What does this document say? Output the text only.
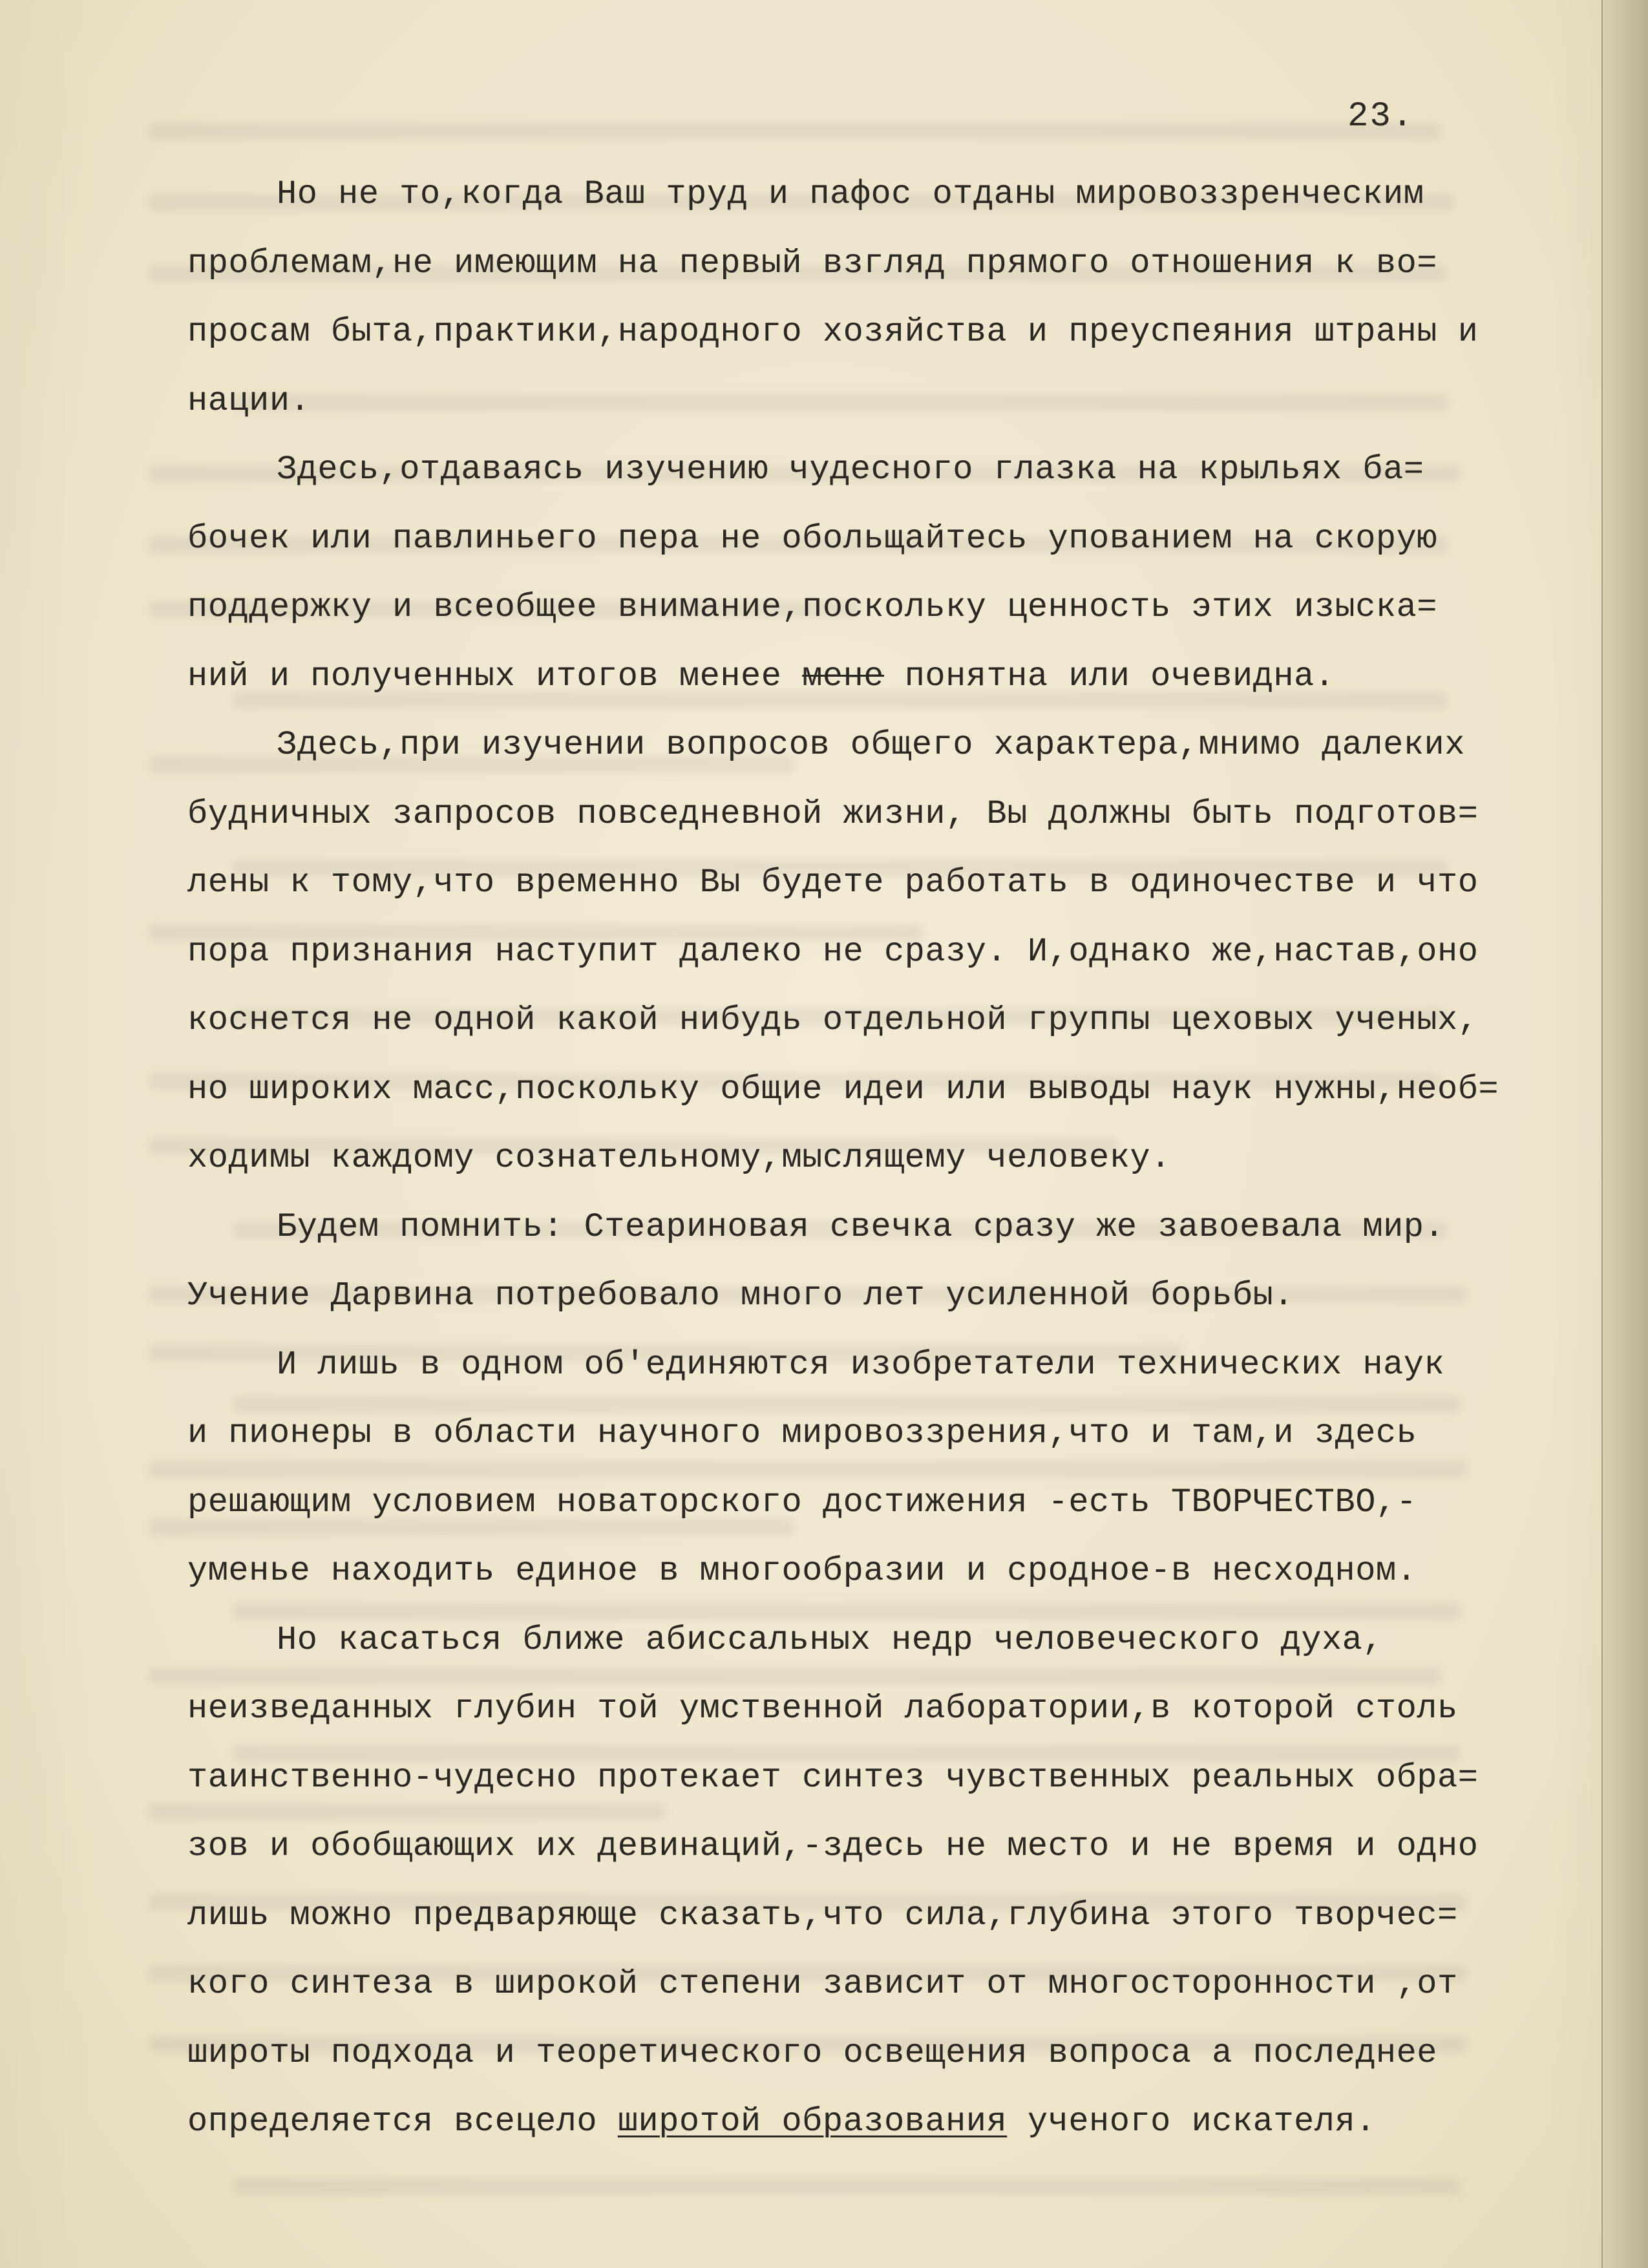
23.
Но не то,когда Ваш труд и пафос отданы мировоззренческим
проблемам,не имеющим на первый взгляд прямого отношения к во=
просам быта,практики,народного хозяйства и преуспеяния штраны и
нации.
Здесь,отдаваясь изучению чудесного глазка на крыльях ба=
бочек или павлиньего пера не обольщайтесь упованием на скорую
поддержку и всеобщее внимание,поскольку ценность этих изыска=
ний и полученных итогов менее мене понятна или очевидна.
Здесь,при изучении вопросов общего характера,мнимо далеких
будничных запросов повседневной жизни, Вы должны быть подготов=
лены к тому,что временно Вы будете работать в одиночестве и что
пора признания наступит далеко не сразу. И,однако же,настав,оно
коснется не одной какой нибудь отдельной группы цеховых ученых,
но широких масс,поскольку общие идеи или выводы наук нужны,необ=
ходимы каждому сознательному,мыслящему человеку.
Будем помнить: Стеариновая свечка сразу же завоевала мир.
Учение Дарвина потребовало много лет усиленной борьбы.
И лишь в одном об'единяются изобретатели технических наук
и пионеры в области научного мировоззрения,что и там,и здесь
решающим условием новаторского достижения -есть ТВОРЧЕСТВО,-
уменье находить единое в многообразии и сродное-в несходном.
Но касаться ближе абиссальных недр человеческого духа,
неизведанных глубин той умственной лаборатории,в которой столь
таинственно-чудесно протекает синтез чувственных реальных обра=
зов и обобщающих их девинаций,-здесь не место и не время и одно
лишь можно предваряюще сказать,что сила,глубина этого творчес=
кого синтеза в широкой степени зависит от многосторонности ,от
широты подхода и теоретического освещения вопроса а последнее
определяется всецело широтой образования ученого искателя.
